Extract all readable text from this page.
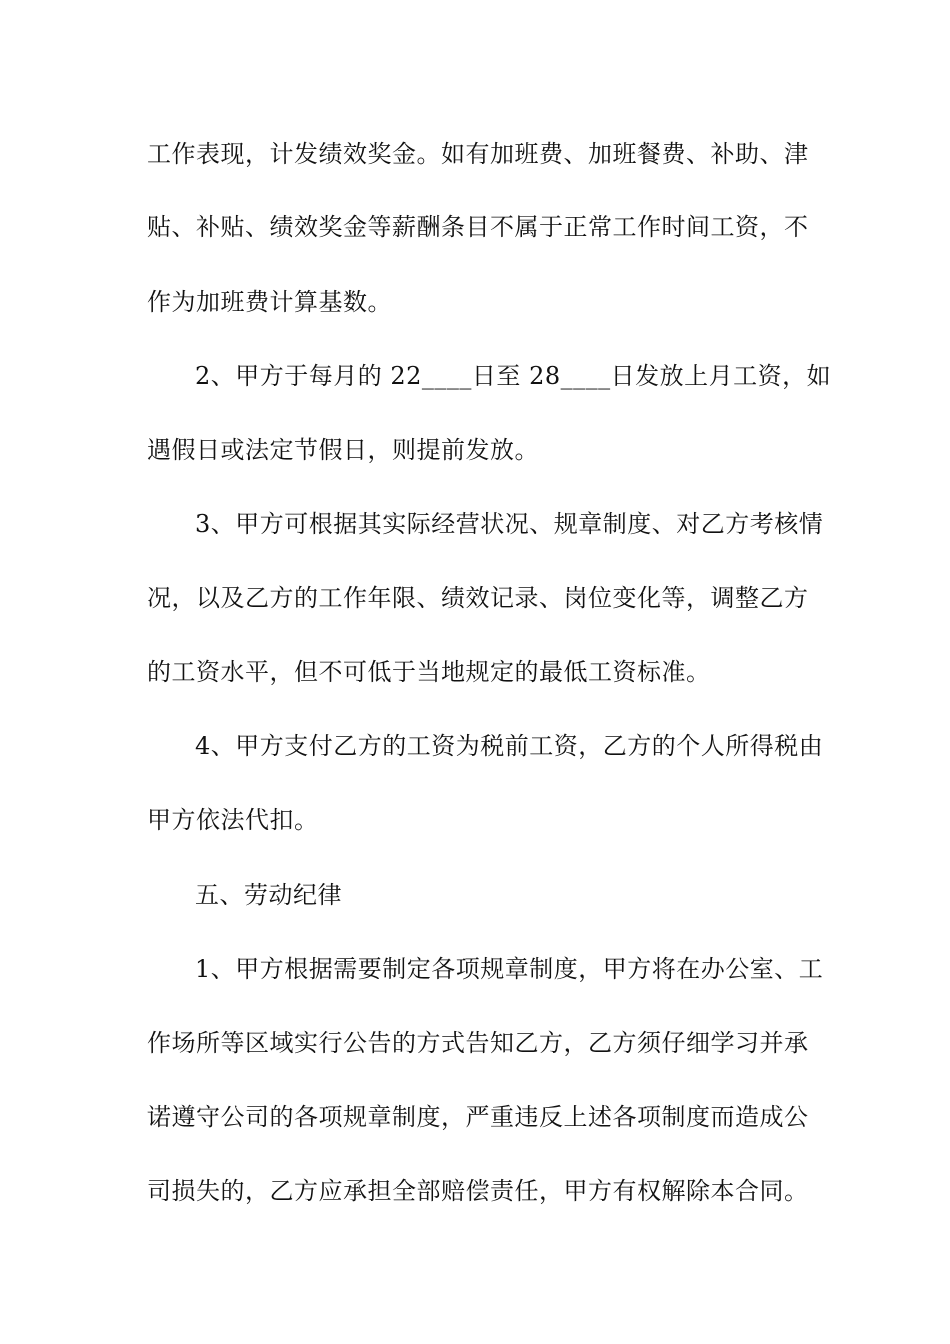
工作表现，计发绩效奖金。如有加班费、加班餐费、补助、津
贴、补贴、绩效奖金等薪酬条目不属于正常工作时间工资，不
作为加班费计算基数。
2、甲方于每月的 22____日至 28____日发放上月工资，如
遇假日或法定节假日，则提前发放。
3、甲方可根据其实际经营状况、规章制度、对乙方考核情
况，以及乙方的工作年限、绩效记录、岗位变化等，调整乙方
的工资水平，但不可低于当地规定的最低工资标准。
4、甲方支付乙方的工资为税前工资，乙方的个人所得税由
甲方依法代扣。
五、劳动纪律
1、甲方根据需要制定各项规章制度，甲方将在办公室、工
作场所等区域实行公告的方式告知乙方，乙方须仔细学习并承
诺遵守公司的各项规章制度，严重违反上述各项制度而造成公
司损失的，乙方应承担全部赔偿责任，甲方有权解除本合同。
